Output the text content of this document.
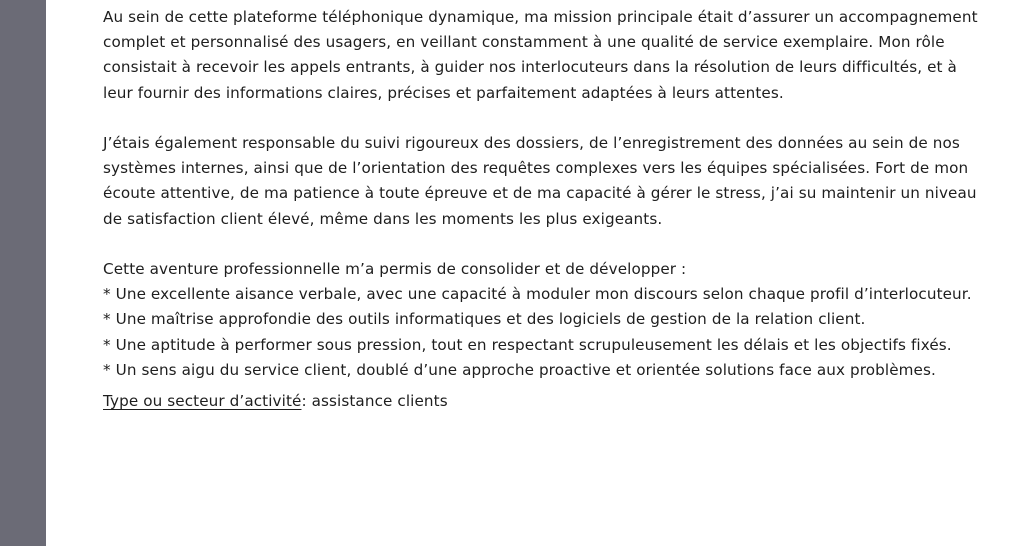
Au sein de cette plateforme téléphonique dynamique, ma mission principale était d’assurer un accompagnement complet et personnalisé des usagers, en veillant constamment à une qualité de service exemplaire. Mon rôle consistait à recevoir les appels entrants, à guider nos interlocuteurs dans la résolution de leurs difficultés, et à leur fournir des informations claires, précises et parfaitement adaptées à leurs attentes.

J’étais également responsable du suivi rigoureux des dossiers, de l’enregistrement des données au sein de nos systèmes internes, ainsi que de l’orientation des requêtes complexes vers les équipes spécialisées. Fort de mon écoute attentive, de ma patience à toute épreuve et de ma capacité à gérer le stress, j’ai su maintenir un niveau de satisfaction client élevé, même dans les moments les plus exigeants.

Cette aventure professionnelle m’a permis de consolider et de développer :

* Une excellente aisance verbale, avec une capacité à moduler mon discours selon chaque profil d’interlocuteur.

* Une maîtrise approfondie des outils informatiques et des logiciels de gestion de la relation client.

* Une aptitude à performer sous pression, tout en respectant scrupuleusement les délais et les objectifs fixés.

* Un sens aigu du service client, doublé d’une approche proactive et orientée solutions face aux problèmes.

Type ou secteur d’activité: assistance clients
